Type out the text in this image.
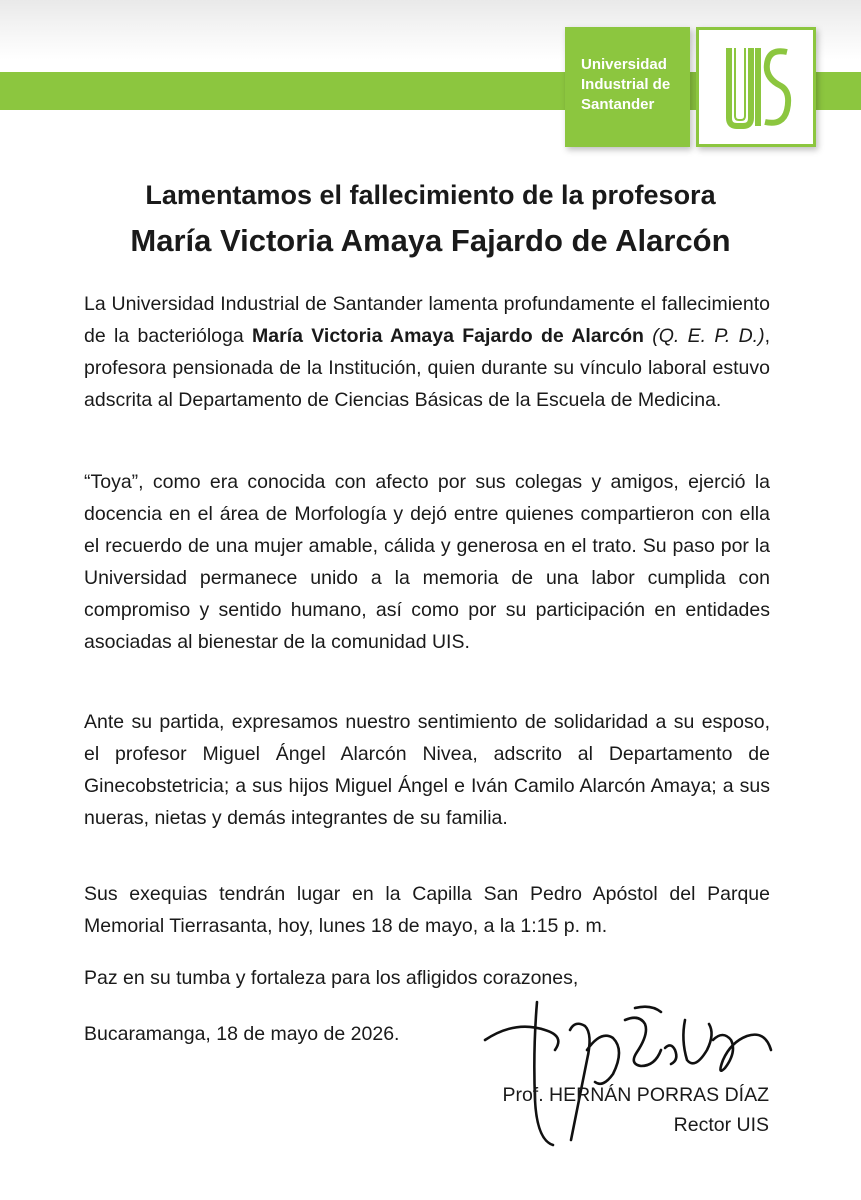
Universidad
Industrial de
Santander
Lamentamos el fallecimiento de la profesora
María Victoria Amaya Fajardo de Alarcón

La Universidad Industrial de Santander lamenta profundamente el fallecimiento de la bacterióloga María Victoria Amaya Fajardo de Alarcón (Q. E. P. D.), profesora pensionada de la Institución, quien durante su vínculo laboral estuvo adscrita al Departamento de Ciencias Básicas de la Escuela de Medicina.

“Toya”, como era conocida con afecto por sus colegas y amigos, ejerció la docencia en el área de Morfología y dejó entre quienes compartieron con ella el recuerdo de una mujer amable, cálida y generosa en el trato. Su paso por la Universidad permanece unido a la memoria de una labor cumplida con compromiso y sentido humano, así como por su participación en entidades asociadas al bienestar de la comunidad UIS.

Ante su partida, expresamos nuestro sentimiento de solidaridad a su esposo, el profesor Miguel Ángel Alarcón Nivea, adscrito al Departamento de Ginecobstetricia; a sus hijos Miguel Ángel e Iván Camilo Alarcón Amaya; a sus nueras, nietas y demás integrantes de su familia.

Sus exequias tendrán lugar en la Capilla San Pedro Apóstol del Parque Memorial Tierrasanta, hoy, lunes 18 de mayo, a la 1:15 p. m.

Paz en su tumba y fortaleza para los afligidos corazones,

Bucaramanga, 18 de mayo de 2026.
Prof. HERNÁN PORRAS DÍAZ
Rector UIS
